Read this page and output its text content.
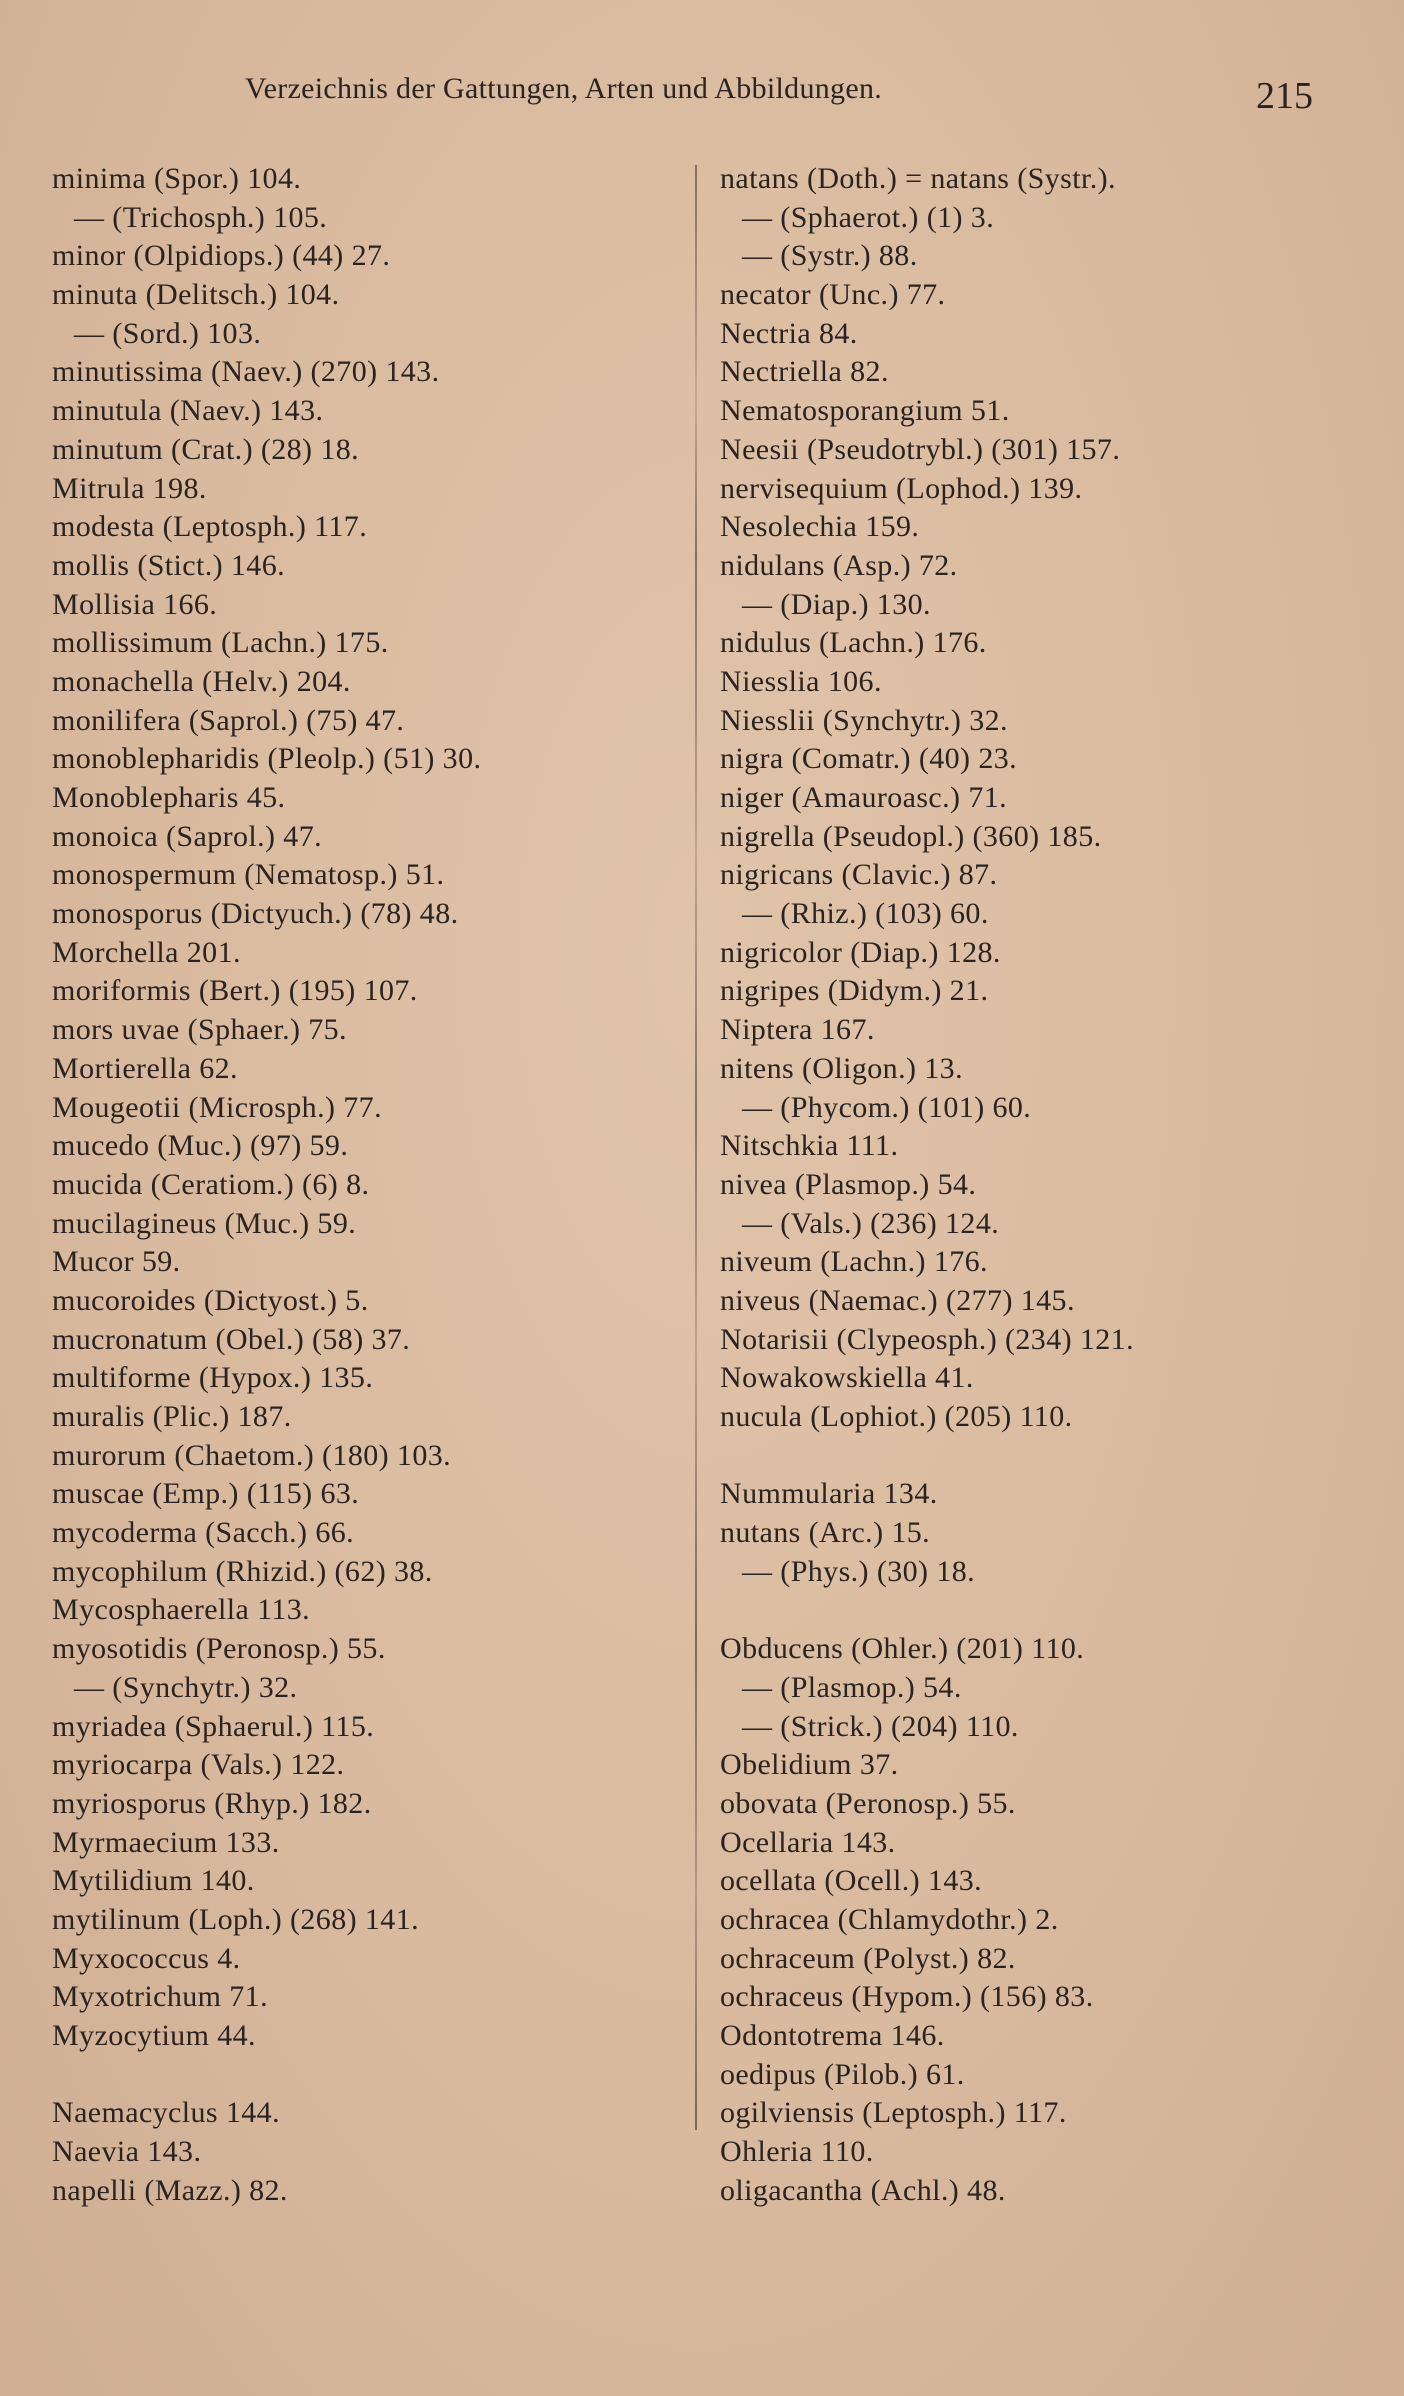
Verzeichnis der Gattungen, Arten und Abbildungen.	215
minima (Spor.) 104.
— (Trichosph.) 105.
minor (Olpidiops.) (44) 27.
minuta (Delitsch.) 104.
— (Sord.) 103.
minutissima (Naev.) (270) 143.
minutula (Naev.) 143.
minutum (Crat.) (28) 18.
Mitrula 198.
modesta (Leptosph.) 117.
mollis (Stict.) 146.
Mollisia 166.
mollissimum (Lachn.) 175.
monachella (Helv.) 204.
monilifera (Saprol.) (75) 47.
monoblepharidis (Pleolp.) (51) 30.
Monoblepharis 45.
monoica (Saprol.) 47.
monospermum (Nematosp.) 51.
monosporus (Dictyuch.) (78) 48.
Morchella 201.
moriformis (Bert.) (195) 107.
mors uvae (Sphaer.) 75.
Mortierella 62.
Mougeotii (Microsph.) 77.
mucedo (Muc.) (97) 59.
mucida (Ceratiom.) (6) 8.
mucilagineus (Muc.) 59.
Mucor 59.
mucoroides (Dictyost.) 5.
mucronatum (Obel.) (58) 37.
multiforme (Hypox.) 135.
muralis (Plic.) 187.
murorum (Chaetom.) (180) 103.
muscae (Emp.) (115) 63.
mycoderma (Sacch.) 66.
mycophilum (Rhizid.) (62) 38.
Mycosphaerella 113.
myosotidis (Peronosp.) 55.
— (Synchytr.) 32.
myriadea (Sphaerul.) 115.
myriocarpa (Vals.) 122.
myriosporus (Rhyp.) 182.
Myrmaecium 133.
Mytilidium 140.
mytilinum (Loph.) (268) 141.
Myxococcus 4.
Myxotrichum 71.
Myzocytium 44.

Naemacyclus 144.
Naevia 143.
napelli (Mazz.) 82.
natans (Doth.) = natans (Systr.).
— (Sphaerot.) (1) 3.
— (Systr.) 88.
necator (Unc.) 77.
Nectria 84.
Nectriella 82.
Nematosporangium 51.
Neesii (Pseudotrybl.) (301) 157.
nervisequium (Lophod.) 139.
Nesolechia 159.
nidulans (Asp.) 72.
— (Diap.) 130.
nidulus (Lachn.) 176.
Niesslia 106.
Niesslii (Synchytr.) 32.
nigra (Comatr.) (40) 23.
niger (Amauroasc.) 71.
nigrella (Pseudopl.) (360) 185.
nigricans (Clavic.) 87.
— (Rhiz.) (103) 60.
nigricolor (Diap.) 128.
nigripes (Didym.) 21.
Niptera 167.
nitens (Oligon.) 13.
— (Phycom.) (101) 60.
Nitschkia 111.
nivea (Plasmop.) 54.
— (Vals.) (236) 124.
niveum (Lachn.) 176.
niveus (Naemac.) (277) 145.
Notarisii (Clypeosph.) (234) 121.
Nowakowskiella 41.
nucula (Lophiot.) (205) 110.

Nummularia 134.
nutans (Arc.) 15.
— (Phys.) (30) 18.

Obducens (Ohler.) (201) 110.
— (Plasmop.) 54.
— (Strick.) (204) 110.
Obelidium 37.
obovata (Peronosp.) 55.
Ocellaria 143.
ocellata (Ocell.) 143.
ochracea (Chlamydothr.) 2.
ochraceum (Polyst.) 82.
ochraceus (Hypom.) (156) 83.
Odontotrema 146.
oedipus (Pilob.) 61.
ogilviensis (Leptosph.) 117.
Ohleria 110.
oligacantha (Achl.) 48.
